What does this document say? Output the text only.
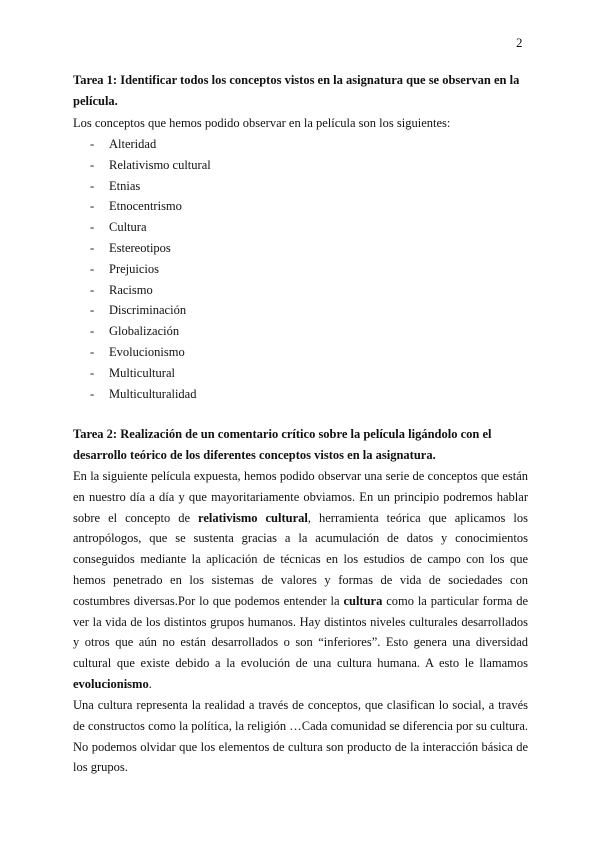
2
Tarea 1: Identificar todos los conceptos vistos en la asignatura que se observan en la película.
Los conceptos que hemos podido observar en la película son los siguientes:
- Alteridad
- Relativismo cultural
- Etnias
- Etnocentrismo
- Cultura
- Estereotipos
- Prejuicios
- Racismo
- Discriminación
- Globalización
- Evolucionismo
- Multicultural
- Multiculturalidad
Tarea 2: Realización de un comentario crítico sobre la película ligándolo con el desarrollo teórico de los diferentes conceptos vistos en la asignatura.
En la siguiente película expuesta, hemos podido observar una serie de conceptos que están en nuestro día a día y que mayoritariamente obviamos. En un principio podremos hablar sobre el concepto de relativismo cultural, herramienta teórica que aplicamos los antropólogos, que se sustenta gracias a la acumulación de datos y conocimientos conseguidos mediante la aplicación de técnicas en los estudios de campo con los que hemos penetrado en los sistemas de valores y formas de vida de sociedades con costumbres diversas.Por lo que podemos entender la cultura como la particular forma de ver la vida de los distintos grupos humanos. Hay distintos niveles culturales desarrollados y otros que aún no están desarrollados o son “inferiores”. Esto genera una diversidad cultural que existe debido a la evolución de una cultura humana. A esto le llamamos evolucionismo.
Una cultura representa la realidad a través de conceptos, que clasifican lo social, a través de constructos como la política, la religión …Cada comunidad se diferencia por su cultura. No podemos olvidar que los elementos de cultura son producto de la interacción básica de los grupos.
